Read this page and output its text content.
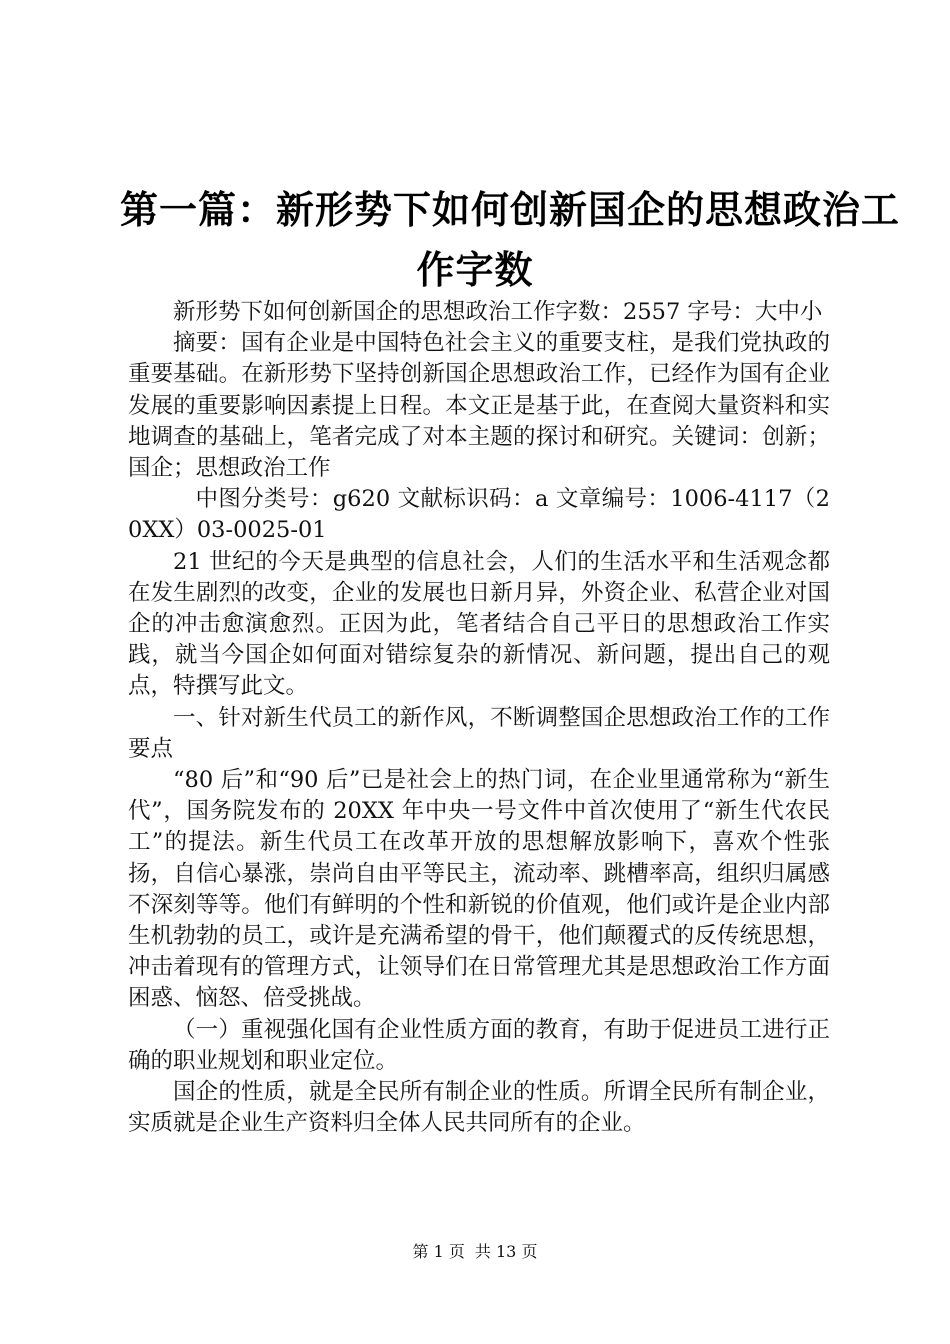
第一篇：新形势下如何创新国企的思想政治工
作字数

新形势下如何创新国企的思想政治工作字数：2557 字号：大中小

摘要：国有企业是中国特色社会主义的重要支柱，是我们党执政的重要基础。在新形势下坚持创新国企思想政治工作，已经作为国有企业发展的重要影响因素提上日程。本文正是基于此，在查阅大量资料和实地调查的基础上，笔者完成了对本主题的探讨和研究。关键词：创新；国企；思想政治工作

中图分类号：g620 文献标识码：a 文章编号：1006-4117（20XX）03-0025-01

21 世纪的今天是典型的信息社会，人们的生活水平和生活观念都在发生剧烈的改变，企业的发展也日新月异，外资企业、私营企业对国企的冲击愈演愈烈。正因为此，笔者结合自己平日的思想政治工作实践，就当今国企如何面对错综复杂的新情况、新问题，提出自己的观点，特撰写此文。

一、针对新生代员工的新作风，不断调整国企思想政治工作的工作要点

“80 后”和“90 后”已是社会上的热门词，在企业里通常称为“新生代”，国务院发布的 20XX 年中央一号文件中首次使用了“新生代农民工”的提法。新生代员工在改革开放的思想解放影响下，喜欢个性张扬，自信心暴涨，崇尚自由平等民主，流动率、跳槽率高，组织归属感不深刻等等。他们有鲜明的个性和新锐的价值观，他们或许是企业内部生机勃勃的员工，或许是充满希望的骨干，他们颠覆式的反传统思想，冲击着现有的管理方式，让领导们在日常管理尤其是思想政治工作方面困惑、恼怒、倍受挑战。

（一）重视强化国有企业性质方面的教育，有助于促进员工进行正确的职业规划和职业定位。

国企的性质，就是全民所有制企业的性质。所谓全民所有制企业，实质就是企业生产资料归全体人民共同所有的企业。

第 1 页 共 13 页
